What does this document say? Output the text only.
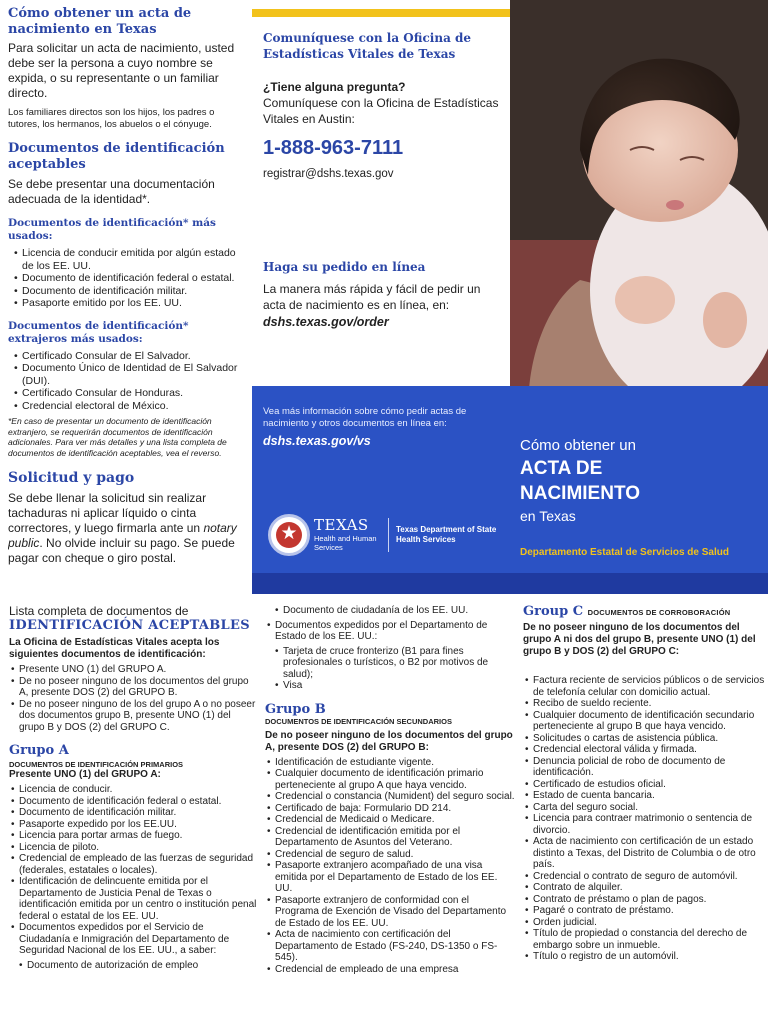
Cómo obtener un acta de nacimiento en Texas
Para solicitar un acta de nacimiento, usted debe ser la persona a cuyo nombre se expida, o su representante o un familiar directo.
Los familiares directos son los hijos, los padres o tutores, los hermanos, los abuelos o el cónyuge.
Documentos de identificación aceptables
Se debe presentar una documentación adecuada de la identidad*.
Documentos de identificación* más usados:
• Licencia de conducir emitida por algún estado de los EE. UU.
• Documento de identificación federal o estatal.
• Documento de identificación militar.
• Pasaporte emitido por los EE. UU.
Documentos de identificación* extrajeros más usados:
• Certificado Consular de El Salvador.
• Documento Único de Identidad de El Salvador (DUI).
• Certificado Consular de Honduras.
• Credencial electoral de México.
*En caso de presentar un documento de identificación extranjero, se requerirán documentos de identificación adicionales. Para ver más detalles y una lista completa de documentos de identificación aceptables, vea el reverso.
Solicitud y pago
Se debe llenar la solicitud sin realizar tachaduras ni aplicar líquido o cinta correctores, y luego firmarla ante un notary public. No olvide incluir su pago. Se puede pagar con cheque o giro postal.
Comuníquese con la Oficina de Estadísticas Vitales de Texas
¿Tiene alguna pregunta?
Comuníquese con la Oficina de Estadísticas Vitales en Austin:
1-888-963-7111
registrar@dshs.texas.gov
Haga su pedido en línea
La manera más rápida y fácil de pedir un acta de nacimiento es en línea, en:
dshs.texas.gov/order
Vea más información sobre cómo pedir actas de nacimiento y otros documentos en línea en:
dshs.texas.gov/vs
★	TEXAS
Health and Human Services
Texas Department of State Health Services
Cómo obtener un
ACTA DE NACIMIENTO
en Texas
Departamento Estatal de Servicios de Salud
Lista completa de documentos de
IDENTIFICACIÓN ACEPTABLES
La Oficina de Estadísticas Vitales acepta los siguientes documentos de identificación:
• Presente UNO (1) del GRUPO A.
• De no poseer ninguno de los documentos del grupo A, presente DOS (2) del GRUPO B.
• De no poseer ninguno de los del grupo A o no poseer dos documentos grupo B, presente UNO (1) del grupo B y DOS (2) del GRUPO C.
Grupo A
DOCUMENTOS DE IDENTIFICACIÓN PRIMARIOS
Presente UNO (1) del GRUPO A:
• Licencia de conducir.
• Documento de identificación federal o estatal.
• Documento de identificación militar.
• Pasaporte expedido por los EE.UU.
• Licencia para portar armas de fuego.
• Licencia de piloto.
• Credencial de empleado de las fuerzas de seguridad (federales, estatales o locales).
• Identificación de delincuente emitida por el Departamento de Justicia Penal de Texas o identificación emitida por un centro o institución penal federal o estatal de los EE. UU.
• Documentos expedidos por el Servicio de Ciudadanía e Inmigración del Departamento de Seguridad Nacional de los EE. UU., a saber:
• Documento de autorización de empleo
• Documento de ciudadanía de los EE. UU.
• Documentos expedidos por el Departamento de Estado de los EE. UU.:
• Tarjeta de cruce fronterizo (B1 para fines profesionales o turísticos, o B2 por motivos de salud);
• Visa
Grupo B
DOCUMENTOS DE IDENTIFICACIÓN SECUNDARIOS
De no poseer ninguno de los documentos del grupo A, presente DOS (2) del GRUPO B:
• Identificación de estudiante vigente.
• Cualquier documento de identificación primario perteneciente al grupo A que haya vencido.
• Credencial o constancia (Numident) del seguro social.
• Certificado de baja: Formulario DD 214.
• Credencial de Medicaid o Medicare.
• Credencial de identificación emitida por el Departamento de Asuntos del Veterano.
• Credencial de seguro de salud.
• Pasaporte extranjero acompañado de una visa emitida por el Departamento de Estado de los EE. UU.
• Pasaporte extranjero de conformidad con el Programa de Exención de Visado del Departamento de Estado de los EE. UU.
• Acta de nacimiento con certificación del Departamento de Estado (FS-240, DS-1350 o FS-545).
• Credencial de empleado de una empresa
Group C DOCUMENTOS DE CORROBORACIÓN
De no poseer ninguno de los documentos del grupo A ni dos del grupo B, presente UNO (1) del grupo B y DOS (2) del GRUPO C:
• Factura reciente de servicios públicos o de servicios de telefonía celular con domicilio actual.
• Recibo de sueldo reciente.
• Cualquier documento de identificación secundario perteneciente al grupo B que haya vencido.
• Solicitudes o cartas de asistencia pública.
• Credencial electoral válida y firmada.
• Denuncia policial de robo de documento de identificación.
• Certificado de estudios oficial.
• Estado de cuenta bancaria.
• Carta del seguro social.
• Licencia para contraer matrimonio o sentencia de divorcio.
• Acta de nacimiento con certificación de un estado distinto a Texas, del Distrito de Columbia o de otro país.
• Credencial o contrato de seguro de automóvil.
• Contrato de alquiler.
• Contrato de préstamo o plan de pagos.
• Pagaré o contrato de préstamo.
• Orden judicial.
• Título de propiedad o constancia del derecho de embargo sobre un inmueble.
• Título o registro de un automóvil.
